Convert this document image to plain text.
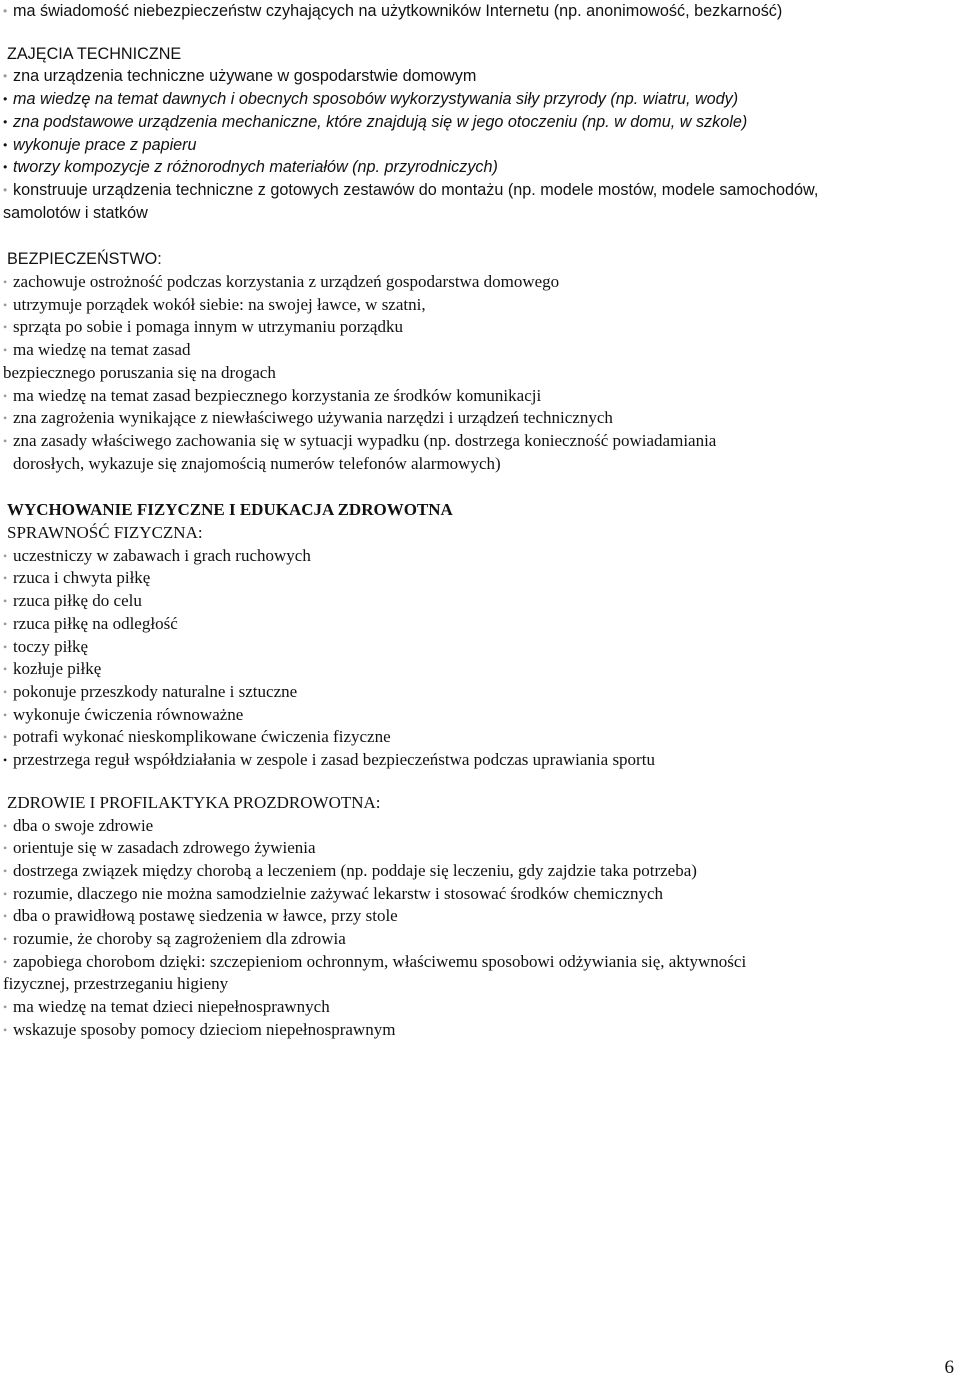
• ma świadomość niebezpieczeństw czyhających na użytkowników Internetu (np. anonimowość, bezkarność)
ZAJĘCIA TECHNICZNE
• zna urządzenia techniczne używane w gospodarstwie domowym
• ma wiedzę na temat dawnych i obecnych sposobów wykorzystywania siły przyrody (np. wiatru, wody)
• zna podstawowe urządzenia mechaniczne, które znajdują się w jego otoczeniu (np. w domu, w szkole)
• wykonuje prace z papieru
• tworzy kompozycje z różnorodnych materiałów (np. przyrodniczych)
• konstruuje urządzenia techniczne z gotowych zestawów do montażu (np. modele mostów, modele samochodów,
samolotów i statków
BEZPIECZEŃSTWO:
• zachowuje ostrożność podczas korzystania z urządzeń gospodarstwa domowego
• utrzymuje porządek wokół siebie: na swojej ławce, w szatni,
• sprząta po sobie i pomaga innym w utrzymaniu porządku
• ma wiedzę na temat zasad
bezpiecznego poruszania się na drogach
• ma wiedzę na temat zasad bezpiecznego korzystania ze środków komunikacji
• zna zagrożenia wynikające z niewłaściwego używania narzędzi i urządzeń technicznych
• zna zasady właściwego zachowania się w sytuacji wypadku (np. dostrzega konieczność powiadamiania
dorosłych, wykazuje się znajomością numerów telefonów alarmowych)
WYCHOWANIE FIZYCZNE I EDUKACJA ZDROWOTNA
SPRAWNOŚĆ FIZYCZNA:
• uczestniczy w zabawach i grach ruchowych
• rzuca i chwyta piłkę
• rzuca piłkę do celu
• rzuca piłkę na odległość
• toczy piłkę
• kozłuje piłkę
• pokonuje przeszkody naturalne i sztuczne
• wykonuje ćwiczenia równoważne
• potrafi wykonać nieskomplikowane ćwiczenia fizyczne
• przestrzega reguł współdziałania w zespole i zasad bezpieczeństwa podczas uprawiania sportu
ZDROWIE I PROFILAKTYKA PROZDROWOTNA:
• dba o swoje zdrowie
• orientuje się w zasadach zdrowego żywienia
• dostrzega związek między chorobą a leczeniem (np. poddaje się leczeniu, gdy zajdzie taka potrzeba)
• rozumie, dlaczego nie można samodzielnie zażywać lekarstw i stosować środków chemicznych
• dba o prawidłową postawę siedzenia w ławce, przy stole
• rozumie, że choroby są zagrożeniem dla zdrowia
• zapobiega chorobom dzięki: szczepieniom ochronnym, właściwemu sposobowi odżywiania się, aktywności
fizycznej, przestrzeganiu higieny
• ma wiedzę na temat dzieci niepełnosprawnych
• wskazuje sposoby pomocy dzieciom niepełnosprawnym
6
